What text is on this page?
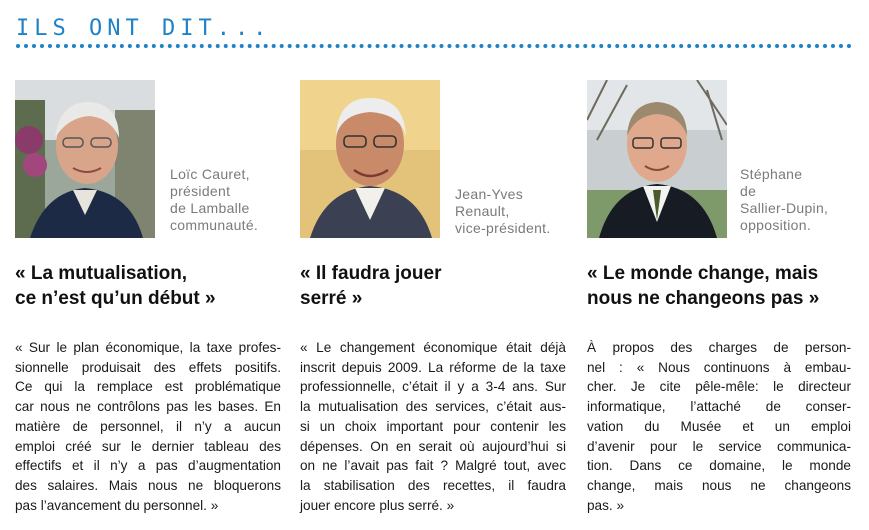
ILS ONT DIT...
Loïc Cauret,
président
de Lamballe
communauté.
« La mutualisation,
ce n’est qu’un début »
« Sur le plan économique, la taxe profes-
sionnelle produisait des effets positifs.
Ce qui la remplace est problématique
car nous ne contrôlons pas les bases. En
matière de personnel, il n’y a aucun
emploi créé sur le dernier tableau des
effectifs et il n’y a pas d’augmentation
des salaires. Mais nous ne bloquerons
pas l’avancement du personnel. »
Jean-Yves
Renault,
vice-président.
« Il faudra jouer
serré »
« Le changement économique était déjà
inscrit depuis 2009. La réforme de la taxe
professionnelle, c’était il y a 3-4 ans. Sur
la mutualisation des services, c’était aus-
si un choix important pour contenir les
dépenses. On en serait où aujourd’hui si
on ne l’avait pas fait ? Malgré tout, avec
la stabilisation des recettes, il faudra
jouer encore plus serré. »
Stéphane
de
Sallier-Dupin,
opposition.
« Le monde change, mais
nous ne changeons pas »
À propos des charges de person-
nel : « Nous continuons à embau-
cher. Je cite pêle-mêle: le directeur
informatique, l’attaché de conser-
vation du Musée et un emploi
d’avenir pour le service communica-
tion. Dans ce domaine, le monde
change, mais nous ne changeons
pas. »
